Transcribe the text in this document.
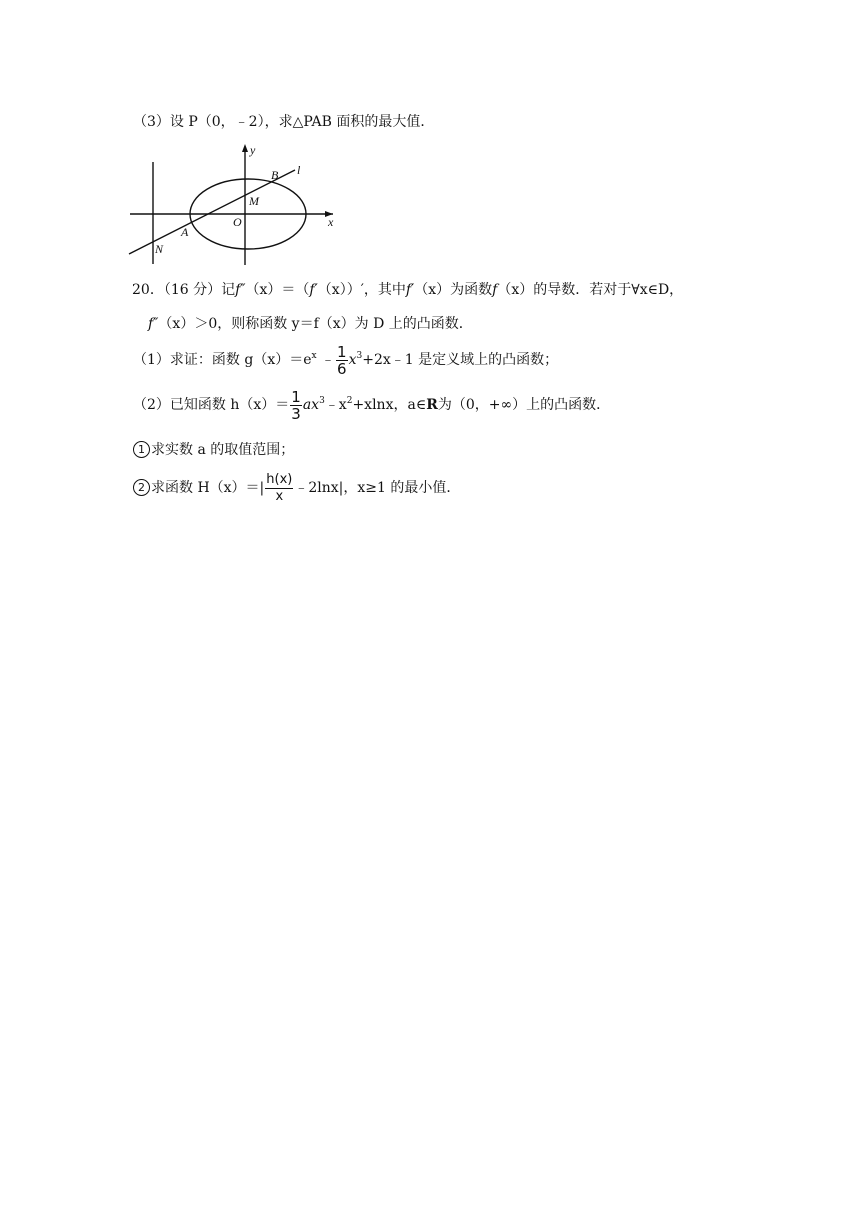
（3）设 P（0，﹣2），求△PAB 面积的最大值．
y
x
B l
M
O
A
N
20．（16 分）记f″（x）＝（f′（x））′，其中f′（x）为函数f（x）的导数．若对于∀x∈D，
f″（x）＞0，则称函数 y＝f（x）为 D 上的凸函数．
（1）求证：函数 $g(x)=e^x$ ﹣ $\frac{1}{6}$ $x^3+2x﹣1$ 是定义域上的凸函数；
（2）已知函数 $h(x)= \frac{1}{3}$ $ax^3﹣x^2+xlnx$，a∈R为（0，+∞）上的凸函数．
1 求实数 a 的取值范围；
2 求函数 $H(x)=| \frac{h(x)}{x}$ ﹣2lnx|，x≥1 的最小值．
